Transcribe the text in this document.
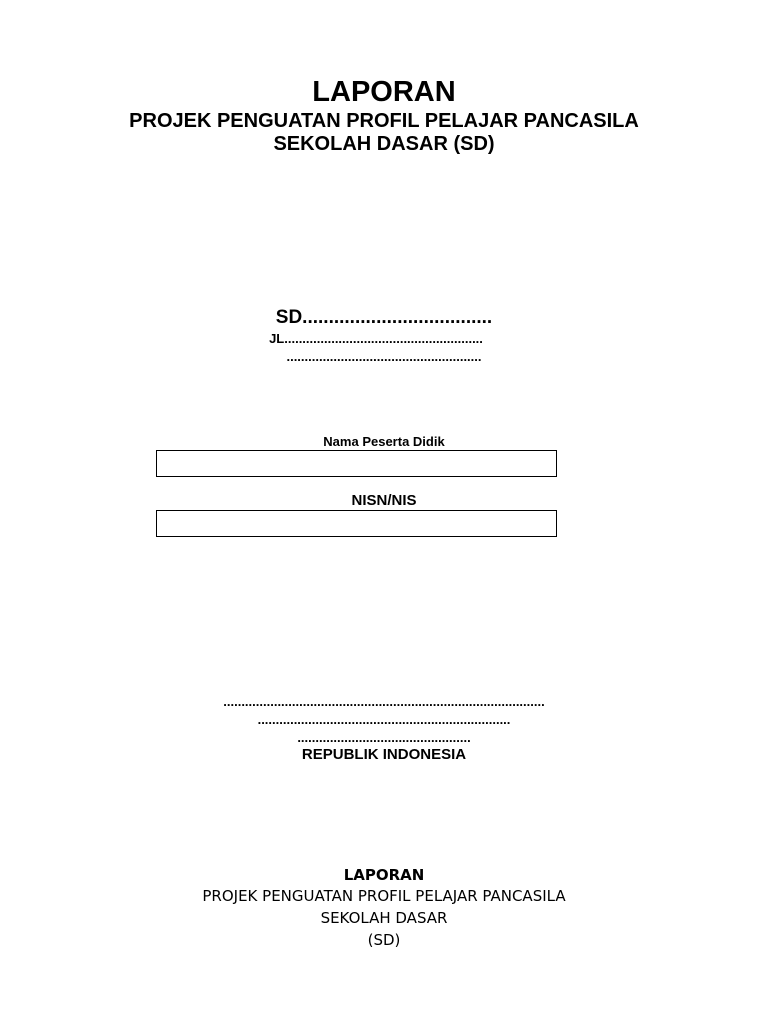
LAPORAN
PROJEK PENGUATAN PROFIL PELAJAR PANCASILA
SEKOLAH DASAR (SD)
SD....................................
JL.......................................................
......................................................
Nama Peserta Didik
NISN/NIS
.........................................................................................
......................................................................
................................................
REPUBLIK INDONESIA
LAPORAN
PROJEK PENGUATAN PROFIL PELAJAR PANCASILA
SEKOLAH DASAR
(SD)
